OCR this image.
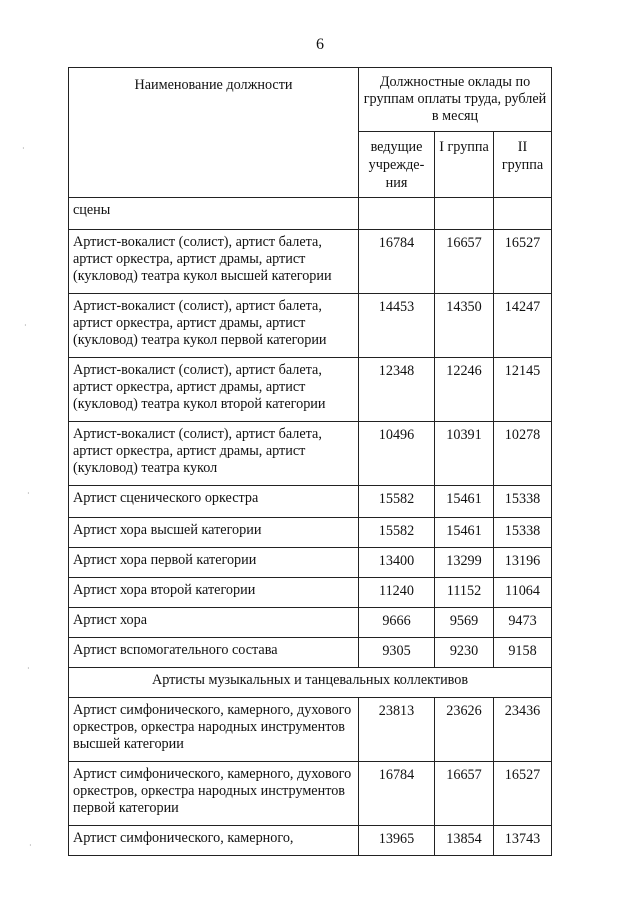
6
Наименование должности	Должностные оклады по группам оплаты труда, рублей в месяц		
	ведущие учрежде-ния	I группа	II группа
сцены			
Артист-вокалист (солист), артист балета, артист оркестра, артист драмы, артист (кукловод) театра кукол высшей категории	16784	16657	16527
Артист-вокалист (солист), артист балета, артист оркестра, артист драмы, артист (кукловод) театра кукол первой категории	14453	14350	14247
Артист-вокалист (солист), артист балета, артист оркестра, артист драмы, артист (кукловод) театра кукол второй категории	12348	12246	12145
Артист-вокалист (солист), артист балета, артист оркестра, артист драмы, артист (кукловод) театра кукол	10496	10391	10278
Артист сценического оркестра	15582	15461	15338
Артист хора высшей категории	15582	15461	15338
Артист хора первой категории	13400	13299	13196
Артист хора второй категории	11240	11152	11064
Артист хора	9666	9569	9473
Артист вспомогательного состава	9305	9230	9158
Артисты музыкальных и танцевальных коллективов			
Артист симфонического, камерного, духового оркестров, оркестра народных инструментов высшей категории	23813	23626	23436
Артист симфонического, камерного, духового оркестров, оркестра народных инструментов первой категории	16784	16657	16527
Артист симфонического, камерного,	13965	13854	13743
·
·
·
·
·
